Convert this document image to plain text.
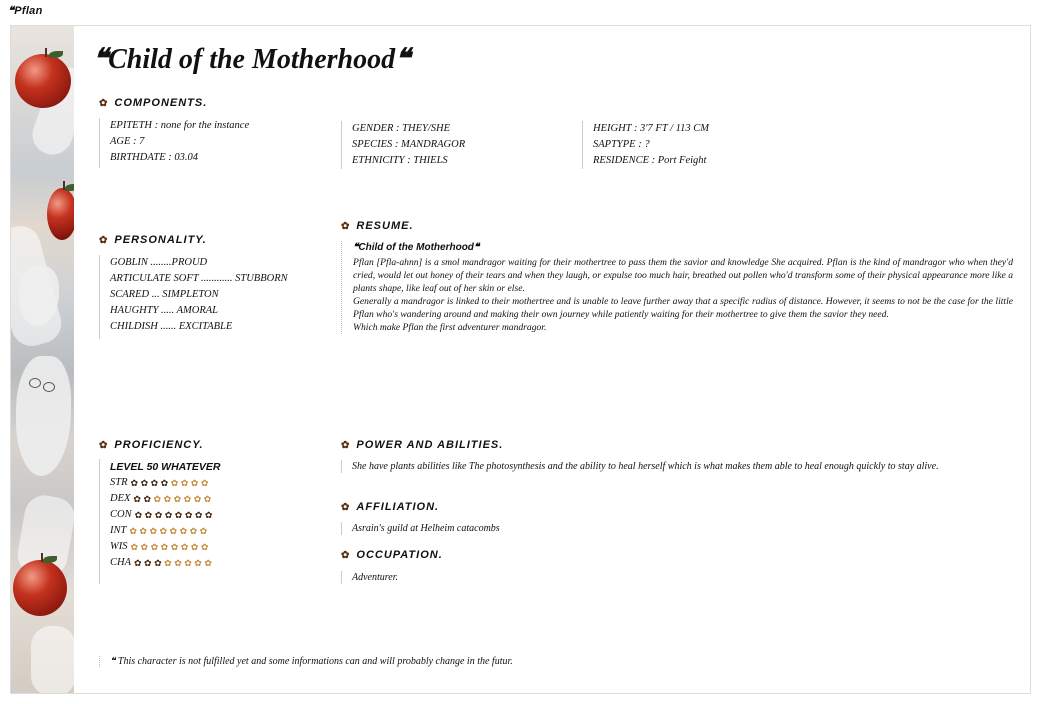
❝Pflan
❝Child of the Motherhood❝
✿ COMPONENTS.
EPITETH : none for the instance
AGE : 7
BIRTHDATE : 03.04
GENDER : THEY/SHE
SPECIES : MANDRAGOR
ETHNICITY : THIELS
HEIGHT : 3'7 FT / 113 CM
SAPTYPE : ?
RESIDENCE : Port Feight
✿ PERSONALITY.
GOBLIN ........PROUD
ARTICULATE SOFT ............ STUBBORN
SCARED ... SIMPLETON
HAUGHTY ..... AMORAL
CHILDISH ...... EXCITABLE
✿ RESUME.
❝Child of the Motherhood❝
Pflan [Pfla-ahnn] is a smol mandragor waiting for their mothertree to pass them the savior and knowledge She acquired. Pflan is the kind of mandragor who when they'd cried, would let out honey of their tears and when they laugh, or expulse too much hair, breathed out pollen who'd transform some of their physical appearance more like a plants shape, like leaf out of her skin or else.
Generally a mandragor is linked to their mothertree and is unable to leave further away that a specific radius of distance. However, it seems to not be the case for the little Pflan who's wandering around and making their own journey while patiently waiting for their mothertree to give them the savior they need.
Which make Pflan the first adventurer mandragor.
✿ PROFICIENCY.
LEVEL 50 WHATEVER
STR ✿ ✿ ✿ ✿ ✿ ✿ ✿ ✿
DEX ✿ ✿ ✿ ✿ ✿ ✿ ✿ ✿
CON ✿ ✿ ✿ ✿ ✿ ✿ ✿ ✿
INT ✿ ✿ ✿ ✿ ✿ ✿ ✿ ✿
WIS ✿ ✿ ✿ ✿ ✿ ✿ ✿ ✿
CHA ✿ ✿ ✿ ✿ ✿ ✿ ✿ ✿
✿ POWER AND ABILITIES.
She have plants abilities like The photosynthesis and the ability to heal herself which is what makes them able to heal enough quickly to stay alive.
✿ AFFILIATION.
Asrain's guild at Helheim catacombs
✿ OCCUPATION.
Adventurer.
❝ This character is not fulfilled yet and some informations can and will probably change in the futur.
